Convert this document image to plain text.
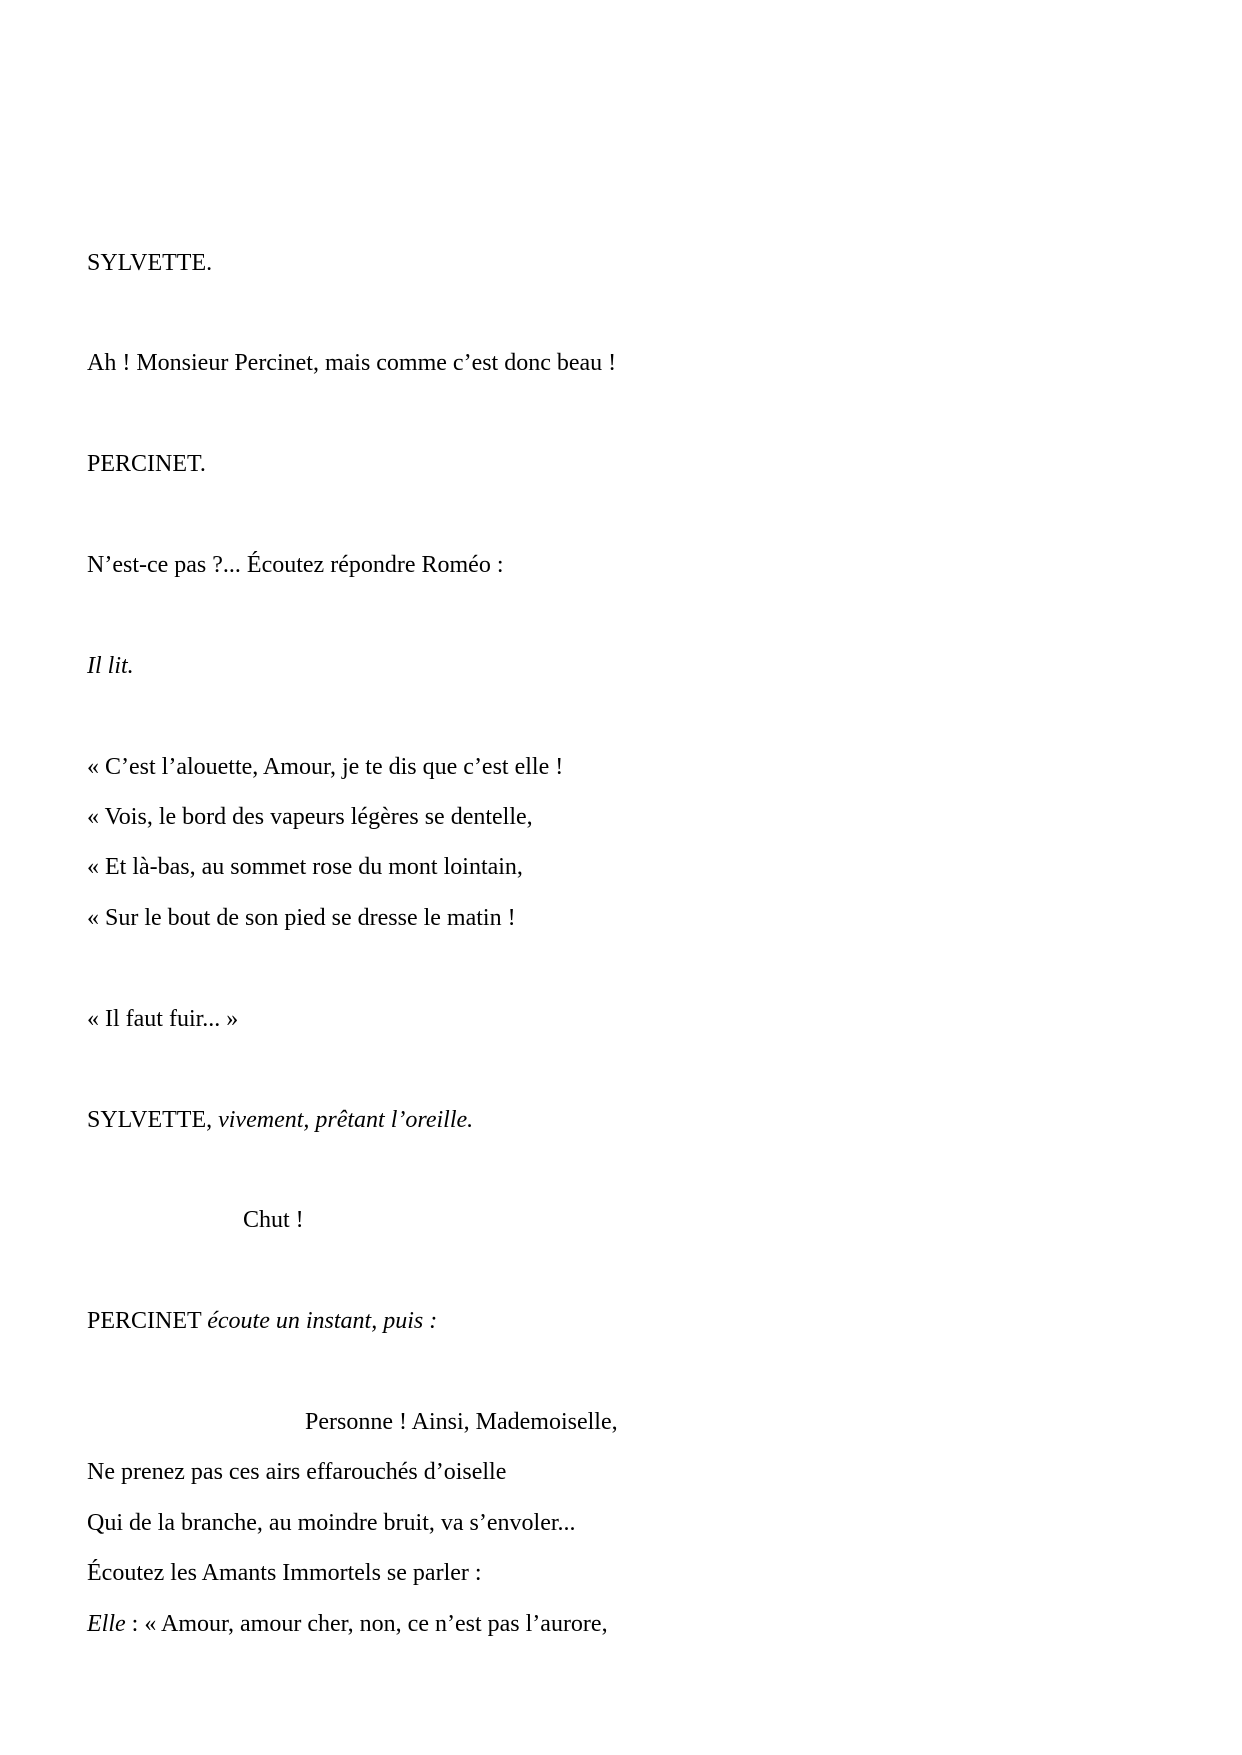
SYLVETTE.
Ah ! Monsieur Percinet, mais comme c’est donc beau !
PERCINET.
N’est-ce pas ?... Écoutez répondre Roméo :
Il lit.
« C’est l’alouette, Amour, je te dis que c’est elle !
« Vois, le bord des vapeurs légères se dentelle,
« Et là-bas, au sommet rose du mont lointain,
« Sur le bout de son pied se dresse le matin !
« Il faut fuir... »
SYLVETTE, vivement, prêtant l’oreille.
Chut !
PERCINET écoute un instant, puis :
Personne ! Ainsi, Mademoiselle,
Ne prenez pas ces airs effarouchés d’oiselle
Qui de la branche, au moindre bruit, va s’envoler...
Écoutez les Amants Immortels se parler :
Elle : « Amour, amour cher, non, ce n’est pas l’aurore,
